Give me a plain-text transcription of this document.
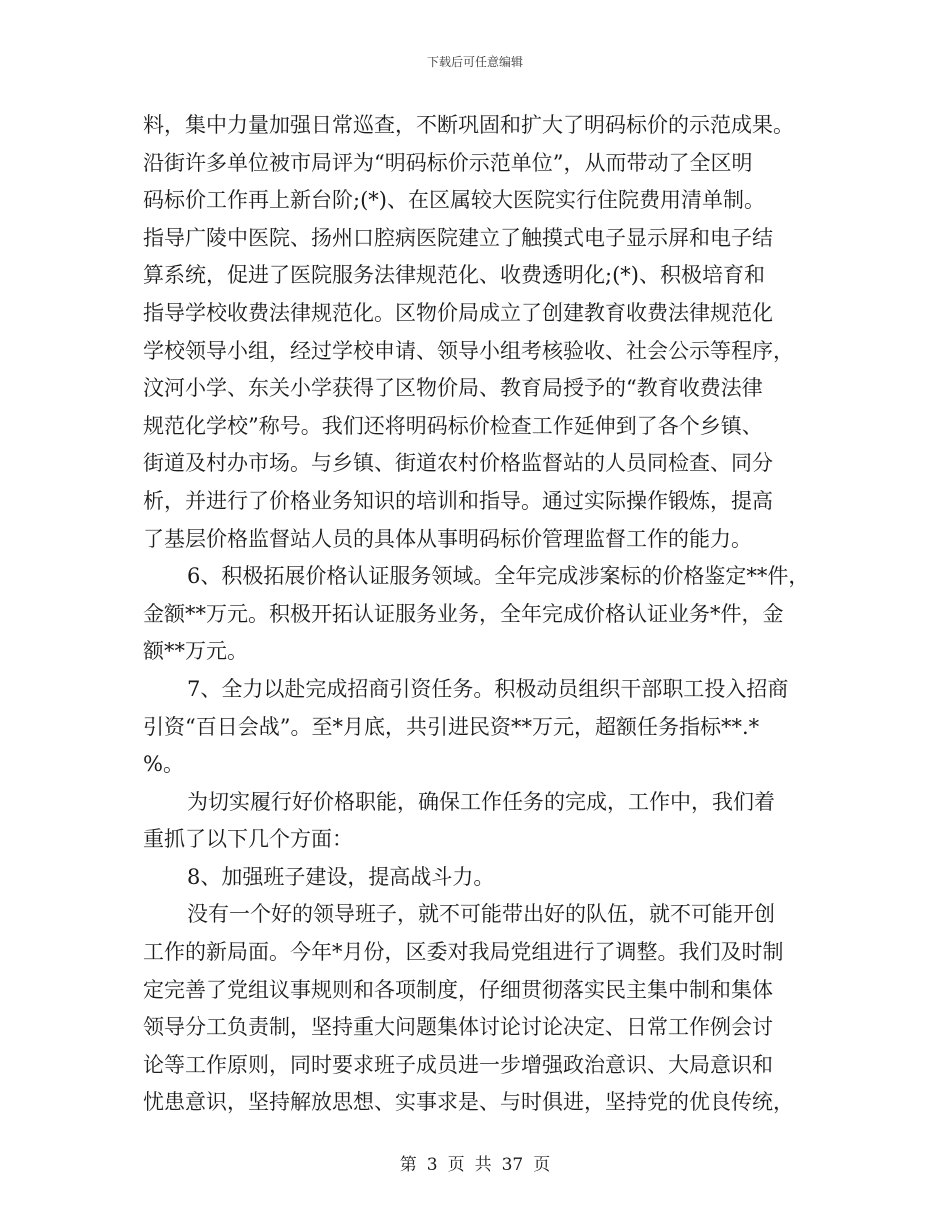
下载后可任意编辑
料，集中力量加强日常巡查，不断巩固和扩大了明码标价的示范成果。
沿街许多单位被市局评为“明码标价示范单位”，从而带动了全区明
码标价工作再上新台阶;(*)、在区属较大医院实行住院费用清单制。
指导广陵中医院、扬州口腔病医院建立了触摸式电子显示屏和电子结
算系统，促进了医院服务法律规范化、收费透明化;(*)、积极培育和
指导学校收费法律规范化。区物价局成立了创建教育收费法律规范化
学校领导小组，经过学校申请、领导小组考核验收、社会公示等程序，
汶河小学、东关小学获得了区物价局、教育局授予的“教育收费法律
规范化学校”称号。我们还将明码标价检查工作延伸到了各个乡镇、
街道及村办市场。与乡镇、街道农村价格监督站的人员同检查、同分
析，并进行了价格业务知识的培训和指导。通过实际操作锻炼，提高
了基层价格监督站人员的具体从事明码标价管理监督工作的能力。
6、积极拓展价格认证服务领域。全年完成涉案标的价格鉴定**件，
金额**万元。积极开拓认证服务业务，全年完成价格认证业务*件，金
额**万元。
7、全力以赴完成招商引资任务。积极动员组织干部职工投入招商
引资“百日会战”。至*月底，共引进民资**万元，超额任务指标**.*
%。
为切实履行好价格职能，确保工作任务的完成，工作中，我们着
重抓了以下几个方面：
8、加强班子建设，提高战斗力。
没有一个好的领导班子，就不可能带出好的队伍，就不可能开创
工作的新局面。今年*月份，区委对我局党组进行了调整。我们及时制
定完善了党组议事规则和各项制度，仔细贯彻落实民主集中制和集体
领导分工负责制，坚持重大问题集体讨论讨论决定、日常工作例会讨
论等工作原则，同时要求班子成员进一步增强政治意识、大局意识和
忧患意识，坚持解放思想、实事求是、与时俱进，坚持党的优良传统，
第 3 页 共 37 页
